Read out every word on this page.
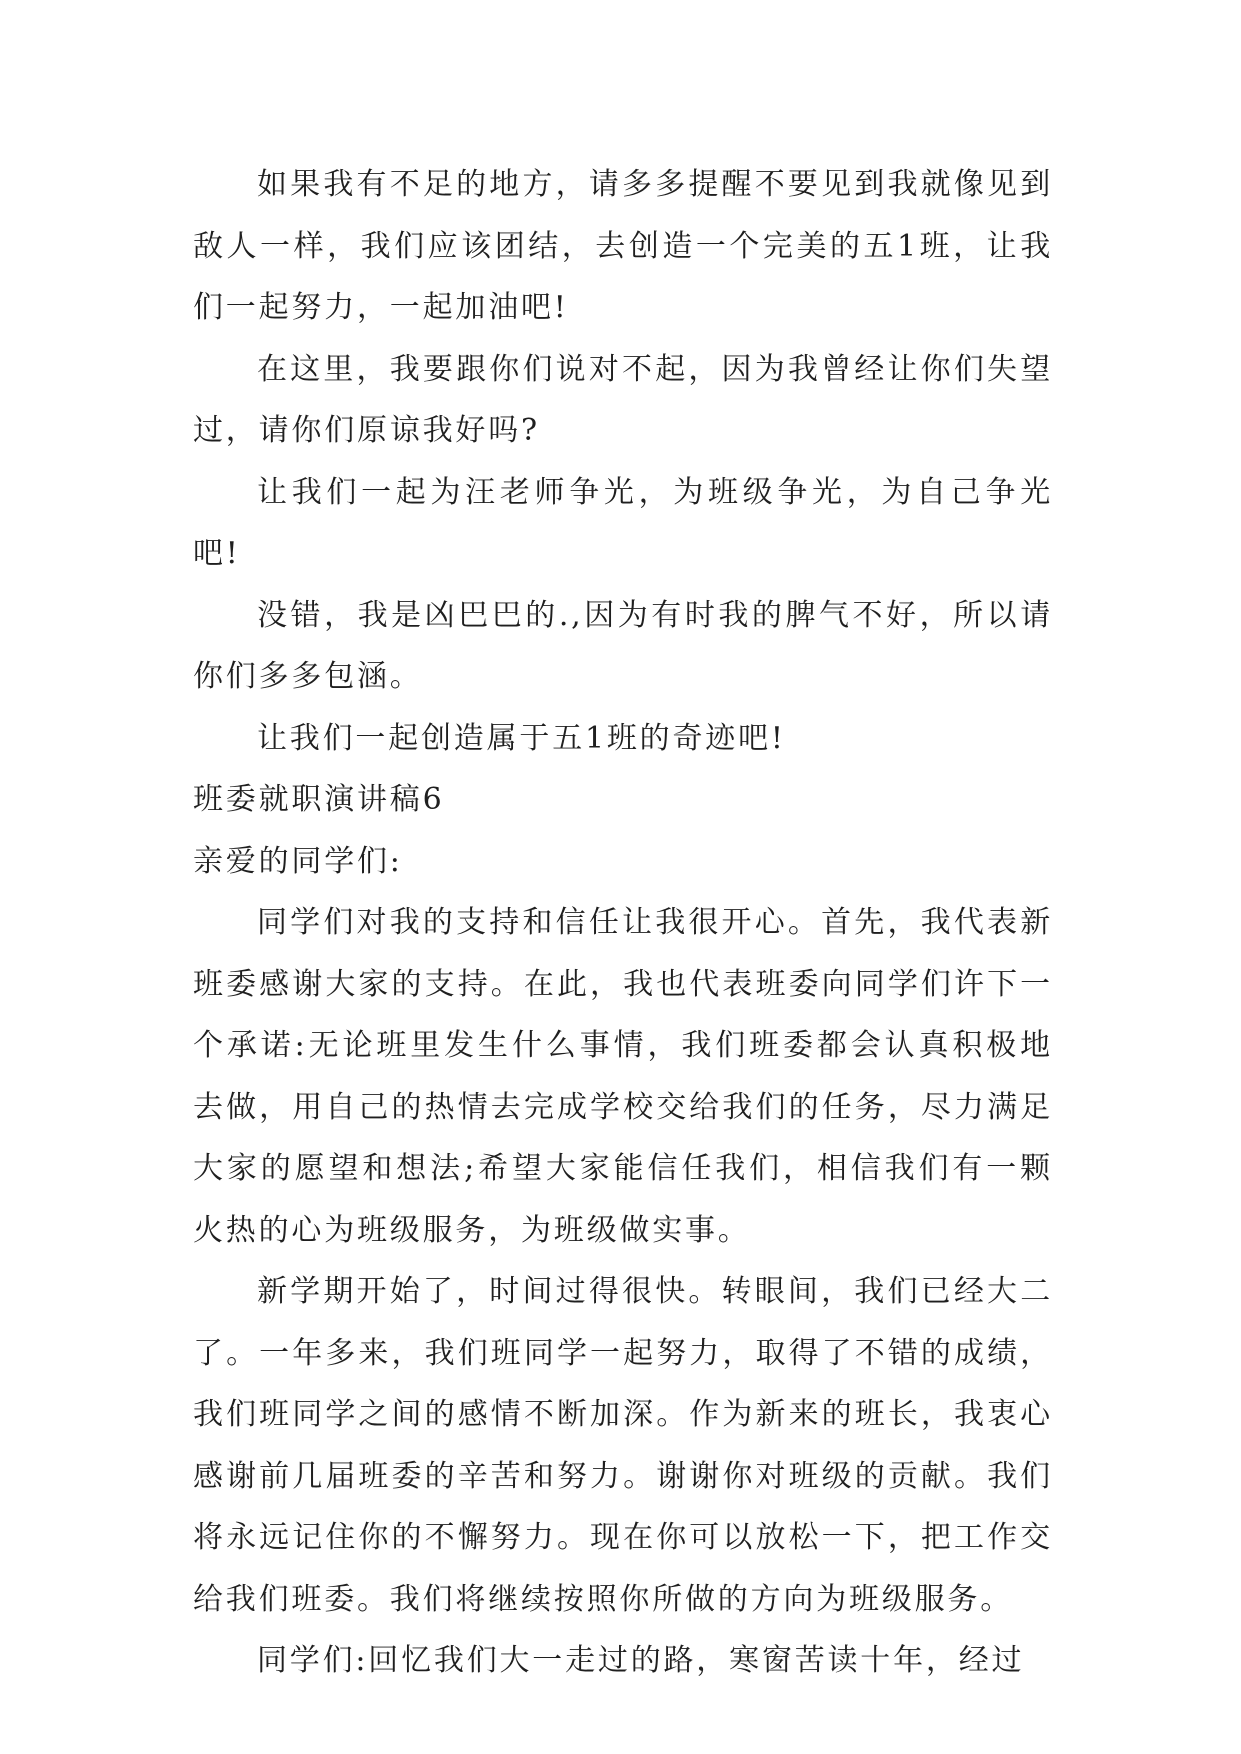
如果我有不足的地方，请多多提醒不要见到我就像见到敌人一样，我们应该团结，去创造一个完美的五1班，让我们一起努力，一起加油吧!

在这里，我要跟你们说对不起，因为我曾经让你们失望过，请你们原谅我好吗?

让我们一起为汪老师争光，为班级争光，为自己争光吧!

没错，我是凶巴巴的.,因为有时我的脾气不好，所以请你们多多包涵。

让我们一起创造属于五1班的奇迹吧!

班委就职演讲稿6

亲爱的同学们:

同学们对我的支持和信任让我很开心。首先，我代表新班委感谢大家的支持。在此，我也代表班委向同学们许下一个承诺:无论班里发生什么事情，我们班委都会认真积极地去做，用自己的热情去完成学校交给我们的任务，尽力满足大家的愿望和想法;希望大家能信任我们，相信我们有一颗火热的心为班级服务，为班级做实事。

新学期开始了，时间过得很快。转眼间，我们已经大二了。一年多来，我们班同学一起努力，取得了不错的成绩，我们班同学之间的感情不断加深。作为新来的班长，我衷心感谢前几届班委的辛苦和努力。谢谢你对班级的贡献。我们将永远记住你的不懈努力。现在你可以放松一下，把工作交给我们班委。我们将继续按照你所做的方向为班级服务。

同学们:回忆我们大一走过的路，寒窗苦读十年，经过
